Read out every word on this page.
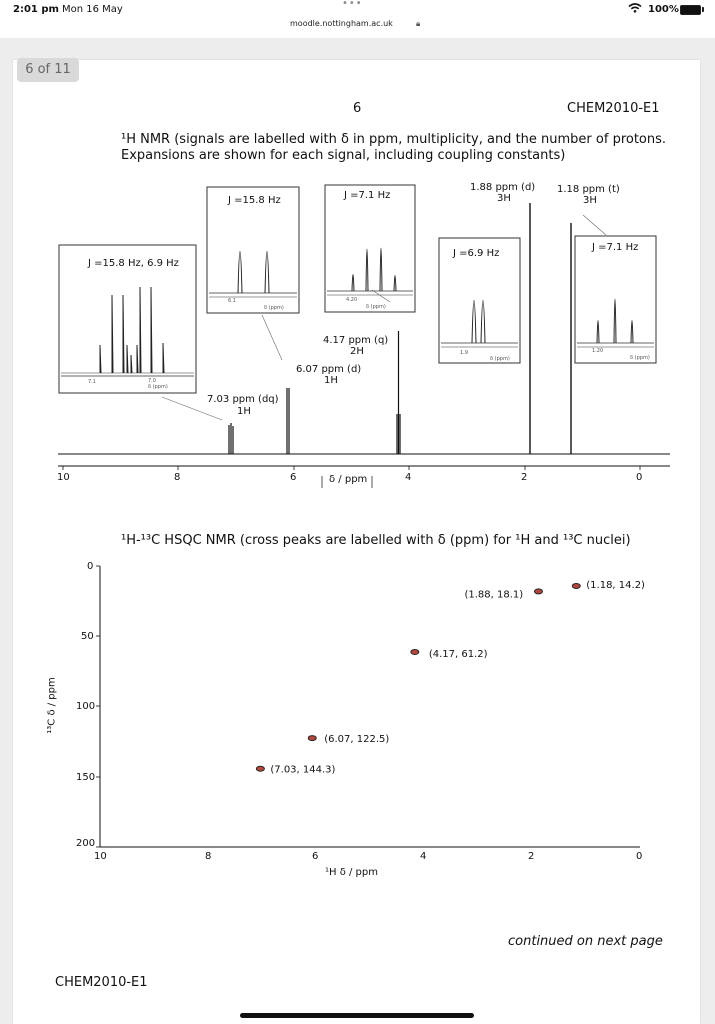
2:01 pm Mon 16 May
•••
moodle.nottingham.ac.uk	🔒︎
100%
6 of 11
6	CHEM2010-E1
¹H NMR (signals are labelled with δ in ppm, multiplicity, and the number of protons.
Expansions are shown for each signal, including coupling constants)
(7.03, 144.3)
(6.07, 122.5)
(4.17, 61.2)
(1.88, 18.1)
(1.18, 14.2)
10	8	6	4	2	0
δ / ppm
7.03 ppm (dq)
1H
6.07 ppm (d)
1H
4.17 ppm (q)
2H
1.88 ppm (d)
3H
1.18 ppm (t)
3H
J =15.8 Hz, 6.9 Hz
J =15.8 Hz	J =7.1 Hz
J =6.9 Hz
J =7.1 Hz
7.1	7.0
δ (ppm)
6.1
δ (ppm)
4.20
δ (ppm)
1.9
δ (ppm)
1.20
δ (ppm)
¹H-¹³C HSQC NMR (cross peaks are labelled with δ (ppm) for ¹H and ¹³C nuclei)
0
50
100
150
200
10	8	6	4	2	0
¹H δ / ppm
¹³C δ / ppm
continued on next page
CHEM2010-E1
